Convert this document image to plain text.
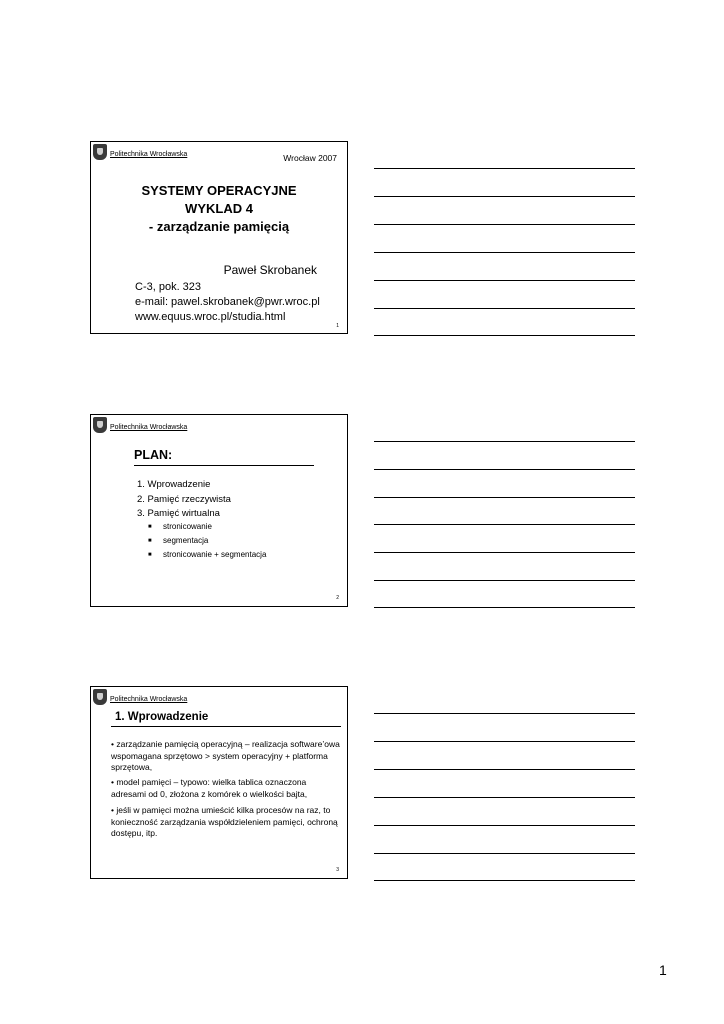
Politechnika Wrocławska	Wrocław 2007
SYSTEMY OPERACYJNE
WYKLAD 4
- zarządzanie pamięcią
Paweł Skrobanek
C-3, pok. 323
e-mail: pawel.skrobanek@pwr.wroc.pl
www.equus.wroc.pl/studia.html
1
Politechnika Wrocławska
PLAN:
1. Wprowadzenie
2. Pamięć rzeczywista
3. Pamięć wirtualna
■ stronicowanie
■ segmentacja
■ stronicowanie + segmentacja
2
Politechnika Wrocławska
1. Wprowadzenie
• zarządzanie pamięcią operacyjną – realizacja software’owa wspomagana sprzętowo > system operacyjny + platforma sprzętowa,
• model pamięci – typowo: wielka tablica oznaczona adresami od 0, złożona z komórek o wielkości bajta,
• jeśli w pamięci można umieścić kilka procesów na raz, to konieczność zarządzania współdzieleniem pamięci, ochroną dostępu, itp.
3
1
